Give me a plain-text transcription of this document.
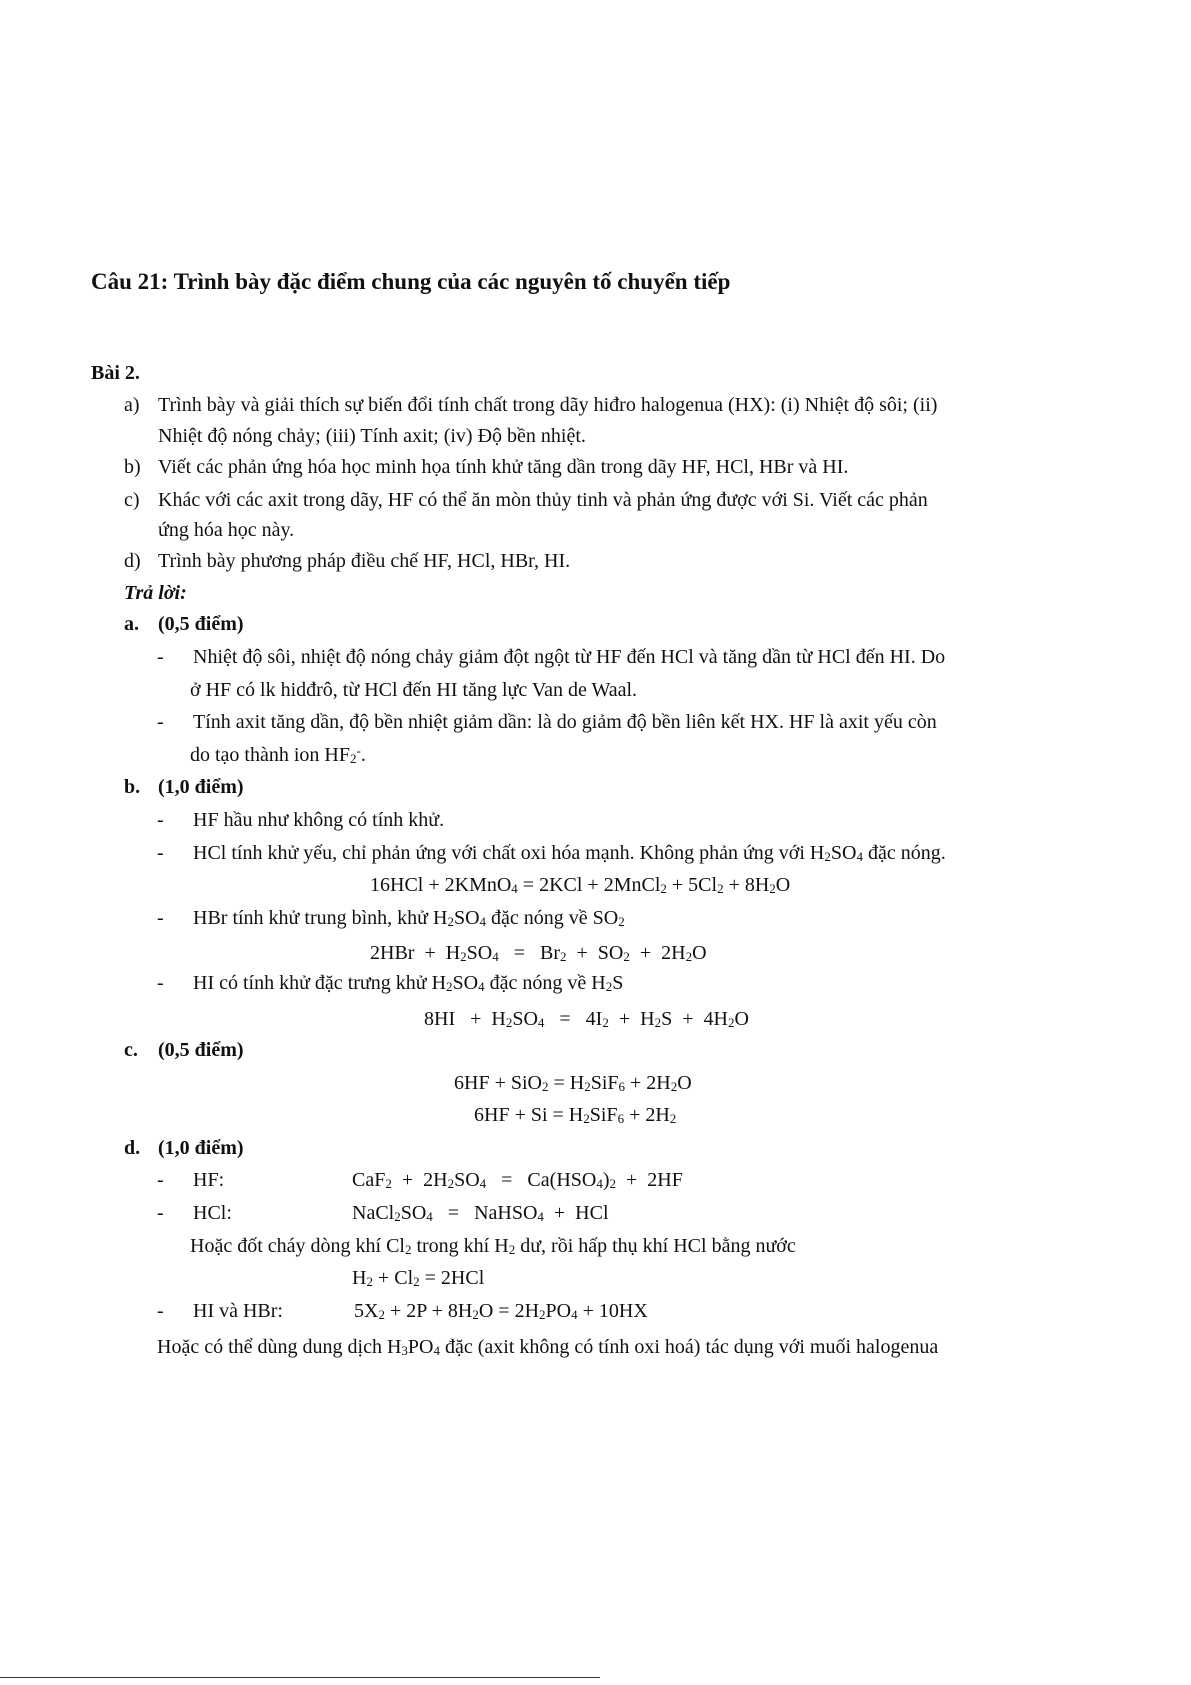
Câu 21: Trình bày đặc điểm chung của các nguyên tố chuyển tiếp
Bài 2.
a) Trình bày và giải thích sự biến đổi tính chất trong dãy hiđro halogenua (HX): (i) Nhiệt độ sôi; (ii)
Nhiệt độ nóng chảy; (iii) Tính axit; (iv) Độ bền nhiệt.
b) Viết các phản ứng hóa học minh họa tính khử tăng dần trong dãy HF, HCl, HBr và HI.
c) Khác với các axit trong dãy, HF có thể ăn mòn thủy tinh và phản ứng được với Si. Viết các phản
ứng hóa học này.
d) Trình bày phương pháp điều chế HF, HCl, HBr, HI.
Trả lời:
a. (0,5 điểm)
- Nhiệt độ sôi, nhiệt độ nóng chảy giảm đột ngột từ HF đến HCl và tăng dần từ HCl đến HI. Do
ở HF có lk hidđrô, từ HCl đến HI tăng lực Van de Waal.
- Tính axit tăng dần, độ bền nhiệt giảm dần: là do giảm độ bền liên kết HX. HF là axit yếu còn
do tạo thành ion $HF_2^-$.
b. (1,0 điểm)
- HF hầu như không có tính khử.
- HCl tính khử yếu, chỉ phản ứng với chất oxi hóa mạnh. Không phản ứng với $H_2SO_4$ đặc nóng.
16HCl + 2KMnO$_4$ = 2KCl + 2MnCl$_2$ + $5Cl_2 + 8H_2O$
- HBr tính khử trung bình, khử $H_2SO_4$ đặc nóng về $SO_2$
$2HBr + H_2SO_4 = Br_2 + SO_2 + 2H_2O$
- HI có tính khử đặc trưng khử $H_2SO_4$ đặc nóng về $H_2S$
$8HI + H_2SO_4 = 4I_2 + H_2S + 4H_2O$
c. (0,5 điểm)
$6HF + SiO_2 = H_2SiF_6 + 2H_2O$
$6HF + Si = H_2SiF_6 + 2H_2$
d. (1,0 điểm)
- HF:	$CaF_2 + 2H_2SO_4 = Ca(HSO_4)_2 + 2HF$
- HCl:	$NaCl_2SO_4$   =   NaHSO$_4$  +  HCl
Hoặc đốt cháy dòng khí $Cl_2$ trong khí $H_2$ dư, rồi hấp thụ khí HCl bằng nước
$H_2 + Cl_2 = 2HCl$
- HI và HBr:	$5X_2 + 2P + 8H_2O = 2H_2PO_4 + 10HX$
Hoặc có thể dùng dung dịch $H_3PO_4$ đặc (axit không có tính oxi hoá) tác dụng với muối halogenua
